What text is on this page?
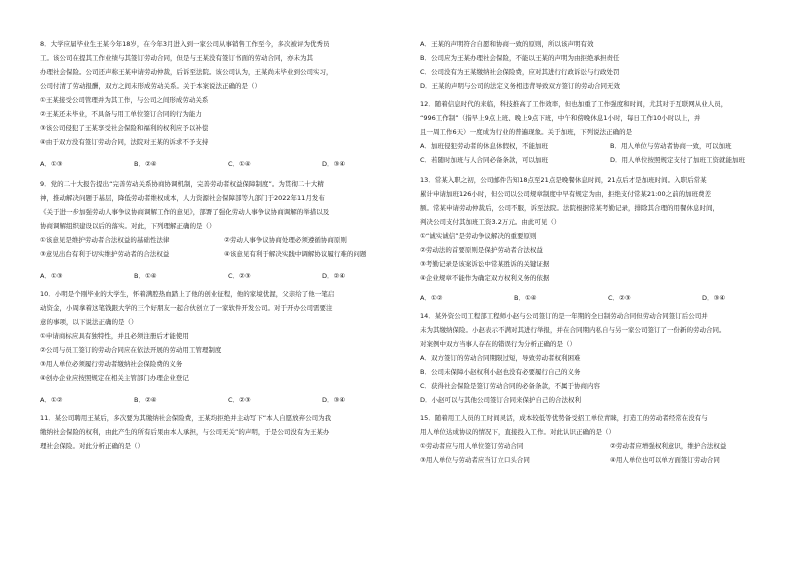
8．大学应届毕业生王某今年18岁，在今年3月进入到一家公司从事销售工作至今，多次被评为优秀员
工。该公司在提其工作业绩与其签订劳动合同，但是与王某没有签订书面的劳动合同，亦未为其
办理社会保险。公司还声称王某申请劳动仲裁，后诉至法院。该公司认为，王某尚未毕业到公司实习，
公司付清了劳动报酬，双方之间未形成劳动关系。关于本案说法正确的是（）
①王某接受公司管理并为其工作，与公司之间形成劳动关系
②王某还未毕业，不具备与用工单位签订合同的行为能力
③该公司侵犯了王某享受社会保险和福利的权利应予以补偿
④由于双方没有签订劳动合同，法院对王某的诉求不予支持
A．①③	B．②④	C．①④	D．③④
9．党的二十大报告提出“完善劳动关系协商协调机制，完善劳动者权益保障制度”。为贯彻二十大精
神，推动解决问题于基层，降低劳动者维权成本，人力资源社会保障部等九部门于2022年11月发布
《关于进一步加强劳动人事争议协商调解工作的意见》，部署了强化劳动人事争议协商调解的举措以及
协商调解组织建设以后的落实。对此，下列理解正确的是（）
①该意见是维护劳动者合法权益的基础性法律	②劳动人事争议协商处理必须遵循协商原则
③意见出台有利于切实维护劳动者的合法权益	④该意见有利于解决实践中调解协议履行难的问题
A．①③	B．①④	C．②③	D．②④
10．小明是个刚毕业的大学生，怀着满腔热血踏上了他的创业征程，他的家境优渥，父亲给了他一笔启
动资金，小周拿着这笔钱跟大学的三个好朋友一起合伙创立了一家软件开发公司。对于开办公司需要注
意的事项，以下说法正确的是（）
①申请商标应具有独特性，并且必须注册后才能使用
②公司与员工签订的劳动合同应在依法开展的劳动用工管理制度
③用人单位必须履行劳动者缴纳社会保险费的义务
④创办企业应按照规定在相关主管部门办理企业登记
A．①②	B．②④	C．②③	D．③④
11．某公司聘用王某后，多次要为其缴纳社会保险费，王某均拒绝并主动写下“本人自愿放弃公司为我
缴纳社会保险的权利，由此产生的所有后果由本人承担，与公司无关”的声明，于是公司没有为王某办
理社会保险。对此分析正确的是（）
A．王某的声明符合自愿和协商一致的原则，所以该声明有效
B．公司应为王某办理社会保险，不能以王某的声明为由拒绝承担责任
C．公司没有为王某缴纳社会保险费，应对其进行行政诉讼与行政处罚
D．王某的声明与公司的法定义务相违背导致双方签订的劳动合同无效
12．随着信息时代的来临，科技推高了工作效率，但也加重了工作强度和时间，尤其对于互联网从业人员，
“996工作制”（指早上9点上班、晚上9点下班，中午和傍晚休息1小时，每日工作10小时以上，并
且一周工作6天）一度成为行业的普遍现象。关于加班，下列说法正确的是
A．加班侵犯劳动者的休息休假权，不能加班	B．用人单位与劳动者协商一致，可以加班
C．若随时加班与人合同必备条款，可以加班	D．用人单位按照规定支付了加班工资就能加班
13．常某入职之初，公司邮件告知18点至21点是晚餐休息时间，21点后才是加班时间。入职后常某
累计申请加班126小时，但公司以公司规章制度中早有规定为由，拒绝支付常某21:00之前的加班费差
额。常某申请劳动仲裁后，公司不服，诉至法院。法院根据常某考勤记录，排除其合理的用餐休息时间，
判决公司支付其加班工资3.2万元。由此可见（）
①“诚实诚信”是劳动争议解决的重要原则
②劳动法的首要原则是保护劳动者合法权益
③考勤记录是该案诉讼中常某胜诉的关键证据
④企业规章不能作为确定双方权利义务的依据
A．①②	B．①④	C．②③	D．③④
14．某外资公司工程部工程师小赵与公司签订的是一年期的全日制劳动合同但劳动合同签订后公司并
未为其缴纳保险。小赵表示不满对其进行举报，并在合同期内私自与另一家公司签订了一份新的劳动合同。
对案例中双方当事人存在的错误行为分析正确的是（）
A．双方签订的劳动合同期限过短，导致劳动者权利困难
B．公司未保障小赵权利小赵也没有必要履行自己的义务
C．获得社会保险是签订劳动合同的必备条款，不属于协商内容
D．小赵可以与其他公司签订合同来保护自己的合法权利
15．随着用工人员的工时间灵活，成本较低等优势备受招工单位青睐，打造工的劳动者经常在没有与
用人单位达成协议的情况下，直接投入工作。对此认识正确的是（）
①劳动者应与用人单位签订劳动合同	②劳动者应增强权利意识，维护合法权益
③用人单位与劳动者应当订立口头合同	④用人单位也可以单方面签订劳动合同
